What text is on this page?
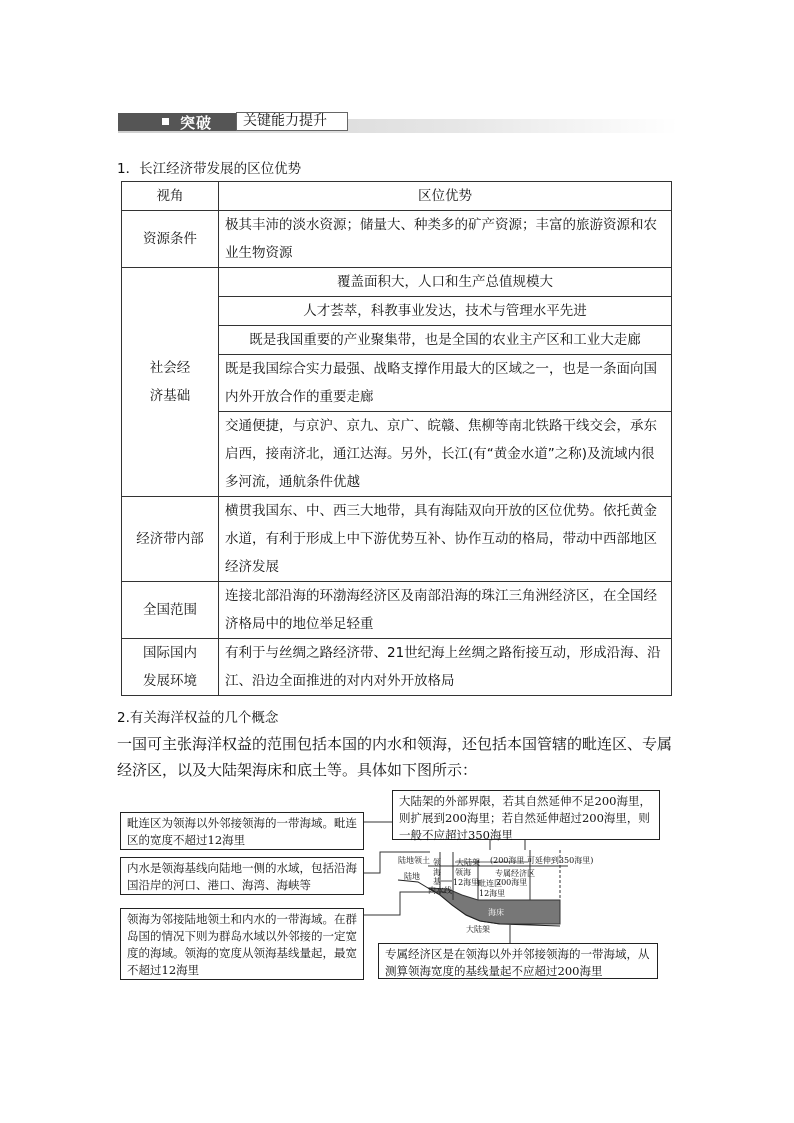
突破	关键能力提升
1．长江经济带发展的区位优势
视角	区位优势
资源条件	极其丰沛的淡水资源；储量大、种类多的矿产资源；丰富的旅游资源和农业生物资源
社会经济基础	覆盖面积大，人口和生产总值规模大
	人才荟萃，科教事业发达，技术与管理水平先进
	既是我国重要的产业聚集带，也是全国的农业主产区和工业大走廊
	既是我国综合实力最强、战略支撑作用最大的区域之一，也是一条面向国内外开放合作的重要走廊
	交通便捷，与京沪、京九、京广、皖赣、焦柳等南北铁路干线交会，承东启西，接南济北，通江达海。另外，长江(有“黄金水道”之称)及流域内很多河流，通航条件优越
经济带内部	横贯我国东、中、西三大地带，具有海陆双向开放的区位优势。依托黄金水道，有利于形成上中下游优势互补、协作互动的格局，带动中西部地区经济发展
全国范围	连接北部沿海的环渤海经济区及南部沿海的珠江三角洲经济区，在全国经济格局中的地位举足轻重
国际国内发展环境	有利于与丝绸之路经济带、21世纪海上丝绸之路衔接互动，形成沿海、沿江、沿边全面推进的对内对外开放格局
2.有关海洋权益的几个概念
一国可主张海洋权益的范围包括本国的内水和领海，还包括本国管辖的毗连区、专属经济区，以及大陆架海床和底土等。具体如下图所示：
陆地
陆地领土
内水 线
领
海
基
大陆架
领海
12海里
毗连区
12海里
专属经济区
200海里
(200海里 可延伸到350海里)
海床
大陆架
大陆架的外部界限，若其自然延伸不足200海里，则扩展到200海里；若自然延伸超过200海里，则一般不应超过350海里
毗连区为领海以外邻接领海的一带海域。毗连区的宽度不超过12海里
内水是领海基线向陆地一侧的水域，包括沿海国沿岸的河口、港口、海湾、海峡等
领海为邻接陆地领土和内水的一带海域。在群岛国的情况下则为群岛水域以外邻接的一定宽度的海域。领海的宽度从领海基线量起，最宽不超过12海里
专属经济区是在领海以外并邻接领海的一带海域，从测算领海宽度的基线量起不应超过200海里
